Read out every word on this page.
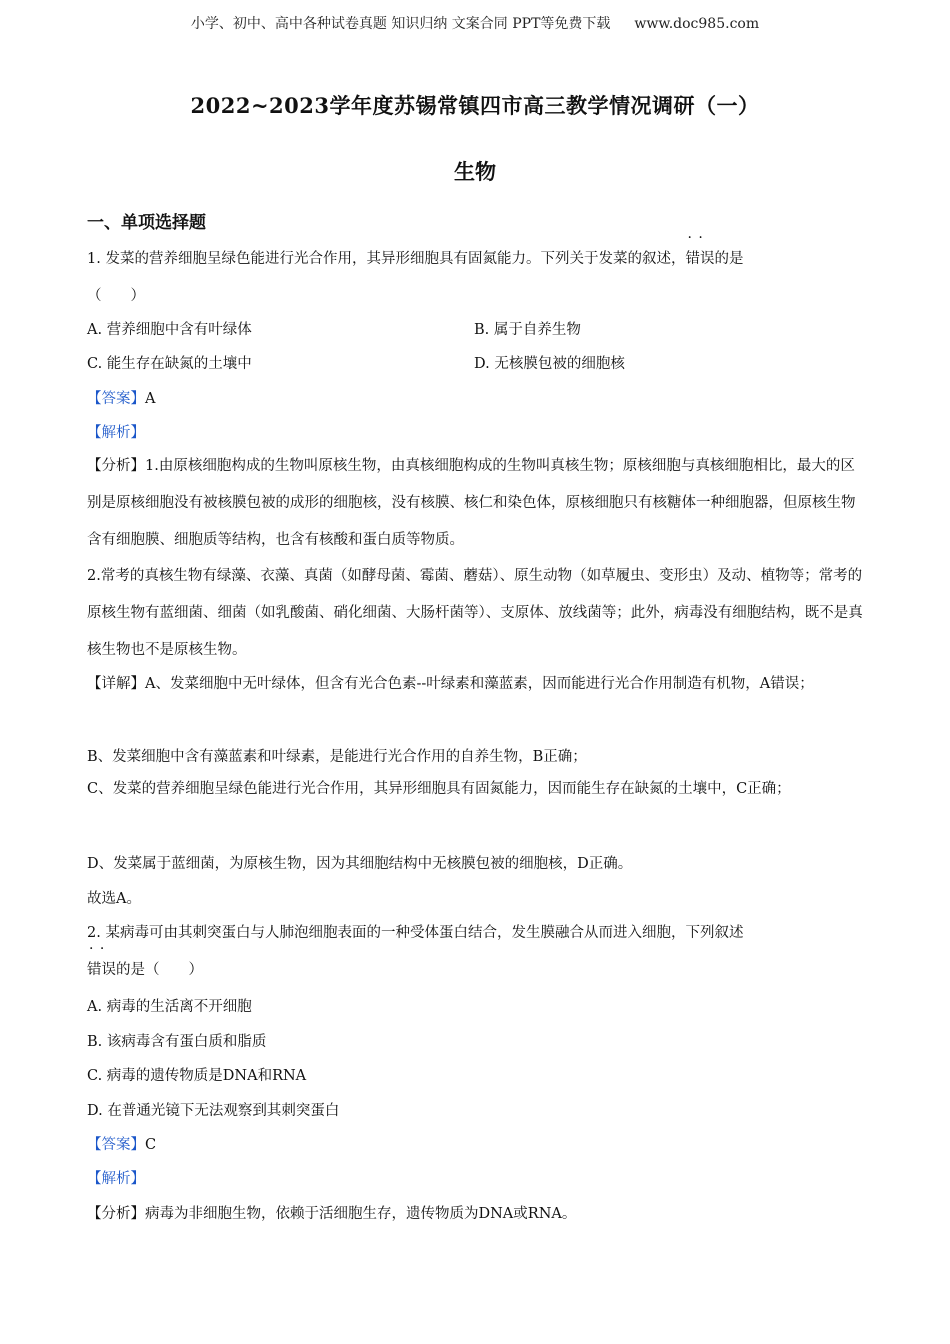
小学、初中、高中各种试卷真题 知识归纳 文案合同 PPT等免费下载 www.doc985.com
2022~2023学年度苏锡常镇四市高三教学情况调研（一）
生物
一、单项选择题
1. 发菜的营养细胞呈绿色能进行光合作用，其异形细胞具有固氮能力。下列关于发菜的叙述，· · 错误的是
（　　）
A. 营养细胞中含有叶绿体	B. 属于自养生物
C. 能生存在缺氮的土壤中	D. 无核膜包被的细胞核
【答案】A
【解析】
【分析】1.由原核细胞构成的生物叫原核生物，由真核细胞构成的生物叫真核生物；原核细胞与真核细胞相比，最大的区别是原核细胞没有被核膜包被的成形的细胞核，没有核膜、核仁和染色体，原核细胞只有核糖体一种细胞器，但原核生物含有细胞膜、细胞质等结构，也含有核酸和蛋白质等物质。
2.常考的真核生物有绿藻、衣藻、真菌（如酵母菌、霉菌、蘑菇）、原生动物（如草履虫、变形虫）及动、植物等；常考的原核生物有蓝细菌、细菌（如乳酸菌、硝化细菌、大肠杆菌等）、支原体、放线菌等；此外，病毒没有细胞结构，既不是真核生物也不是原核生物。
【详解】A、发菜细胞中无叶绿体，但含有光合色素--叶绿素和藻蓝素，因而能进行光合作用制造有机物，A错误；
B、发菜细胞中含有藻蓝素和叶绿素，是能进行光合作用的自养生物，B正确；
C、发菜的营养细胞呈绿色能进行光合作用，其异形细胞具有固氮能力，因而能生存在缺氮的土壤中，C正确；
D、发菜属于蓝细菌，为原核生物，因为其细胞结构中无核膜包被的细胞核，D正确。
故选A。
2. 某病毒可由其刺突蛋白与人肺泡细胞表面的一种受体蛋白结合，发生膜融合从而进入细胞，下列叙述
· · 错误的是（　　）
A. 病毒的生活离不开细胞
B. 该病毒含有蛋白质和脂质
C. 病毒的遗传物质是DNA和RNA
D. 在普通光镜下无法观察到其刺突蛋白
【答案】C
【解析】
【分析】病毒为非细胞生物，依赖于活细胞生存，遗传物质为DNA或RNA。
